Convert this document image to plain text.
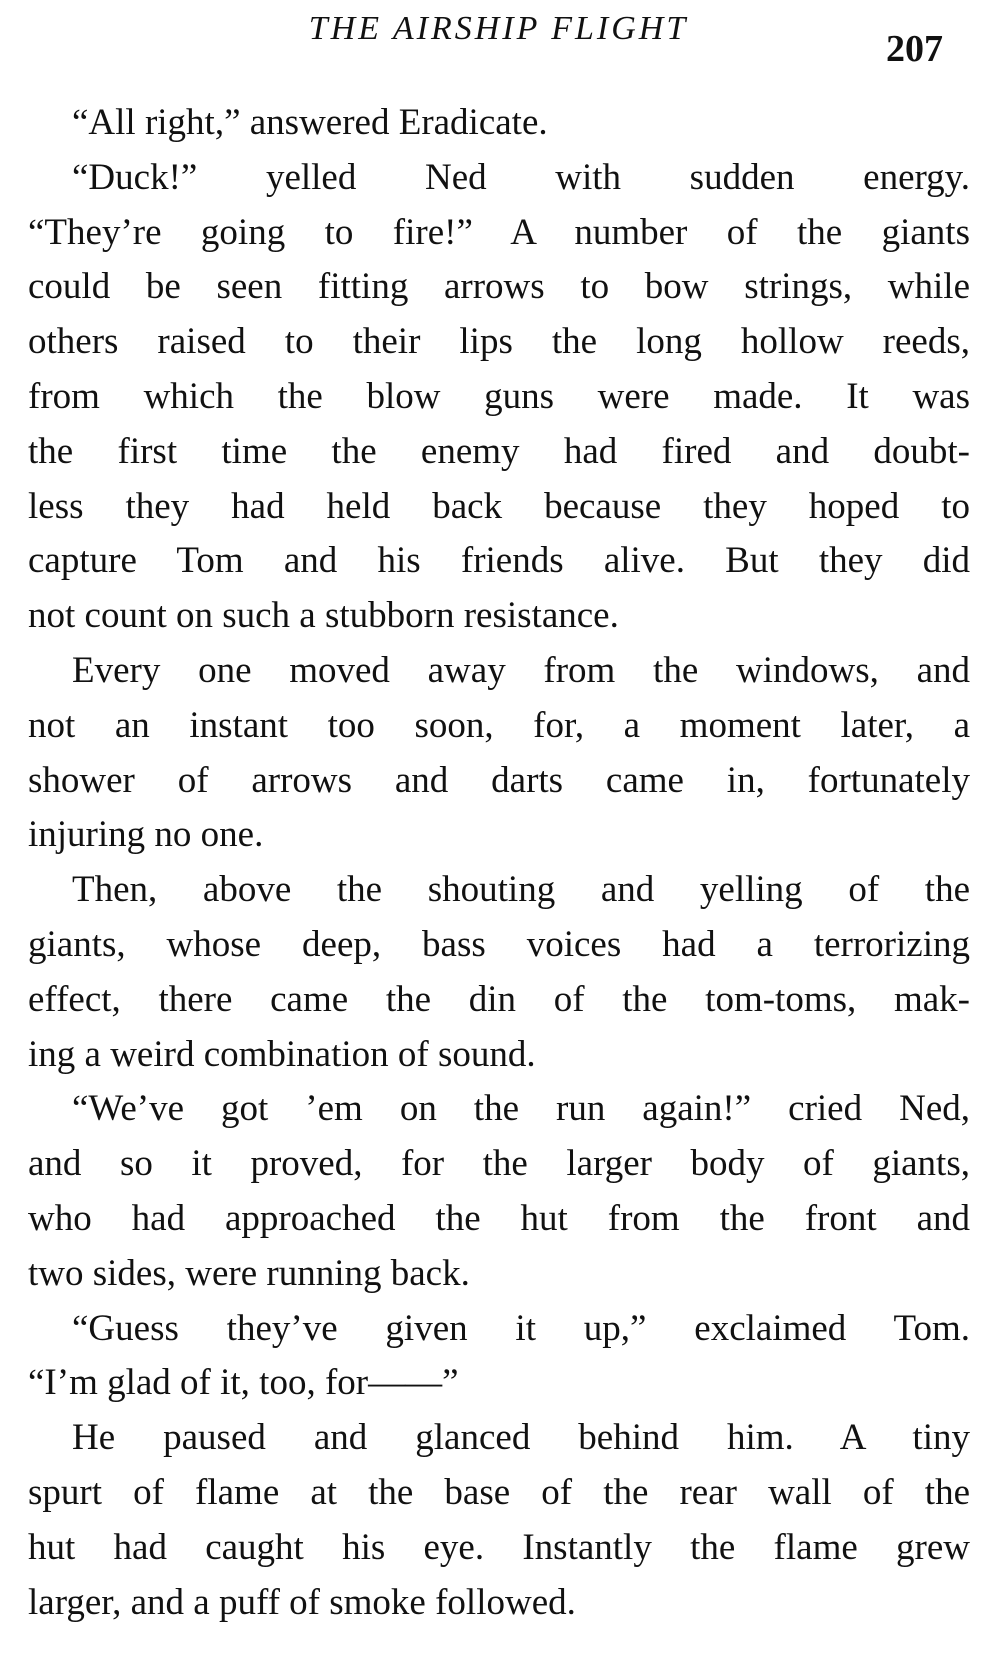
THE AIRSHIP FLIGHT	207
“All right,” answered Eradicate.
“Duck!” yelled Ned with sudden energy.
“They’re going to fire!” A number of the giants
could be seen fitting arrows to bow strings, while
others raised to their lips the long hollow reeds,
from which the blow guns were made. It was
the first time the enemy had fired and doubt-
less they had held back because they hoped to
capture Tom and his friends alive. But they did
not count on such a stubborn resistance.
Every one moved away from the windows, and
not an instant too soon, for, a moment later, a
shower of arrows and darts came in, fortunately
injuring no one.
Then, above the shouting and yelling of the
giants, whose deep, bass voices had a terrorizing
effect, there came the din of the tom-toms, mak-
ing a weird combination of sound.
“We’ve got ’em on the run again!” cried Ned,
and so it proved, for the larger body of giants,
who had approached the hut from the front and
two sides, were running back.
“Guess they’ve given it up,” exclaimed Tom.
“I’m glad of it, too, for——”
He paused and glanced behind him. A tiny
spurt of flame at the base of the rear wall of the
hut had caught his eye. Instantly the flame grew
larger, and a puff of smoke followed.
